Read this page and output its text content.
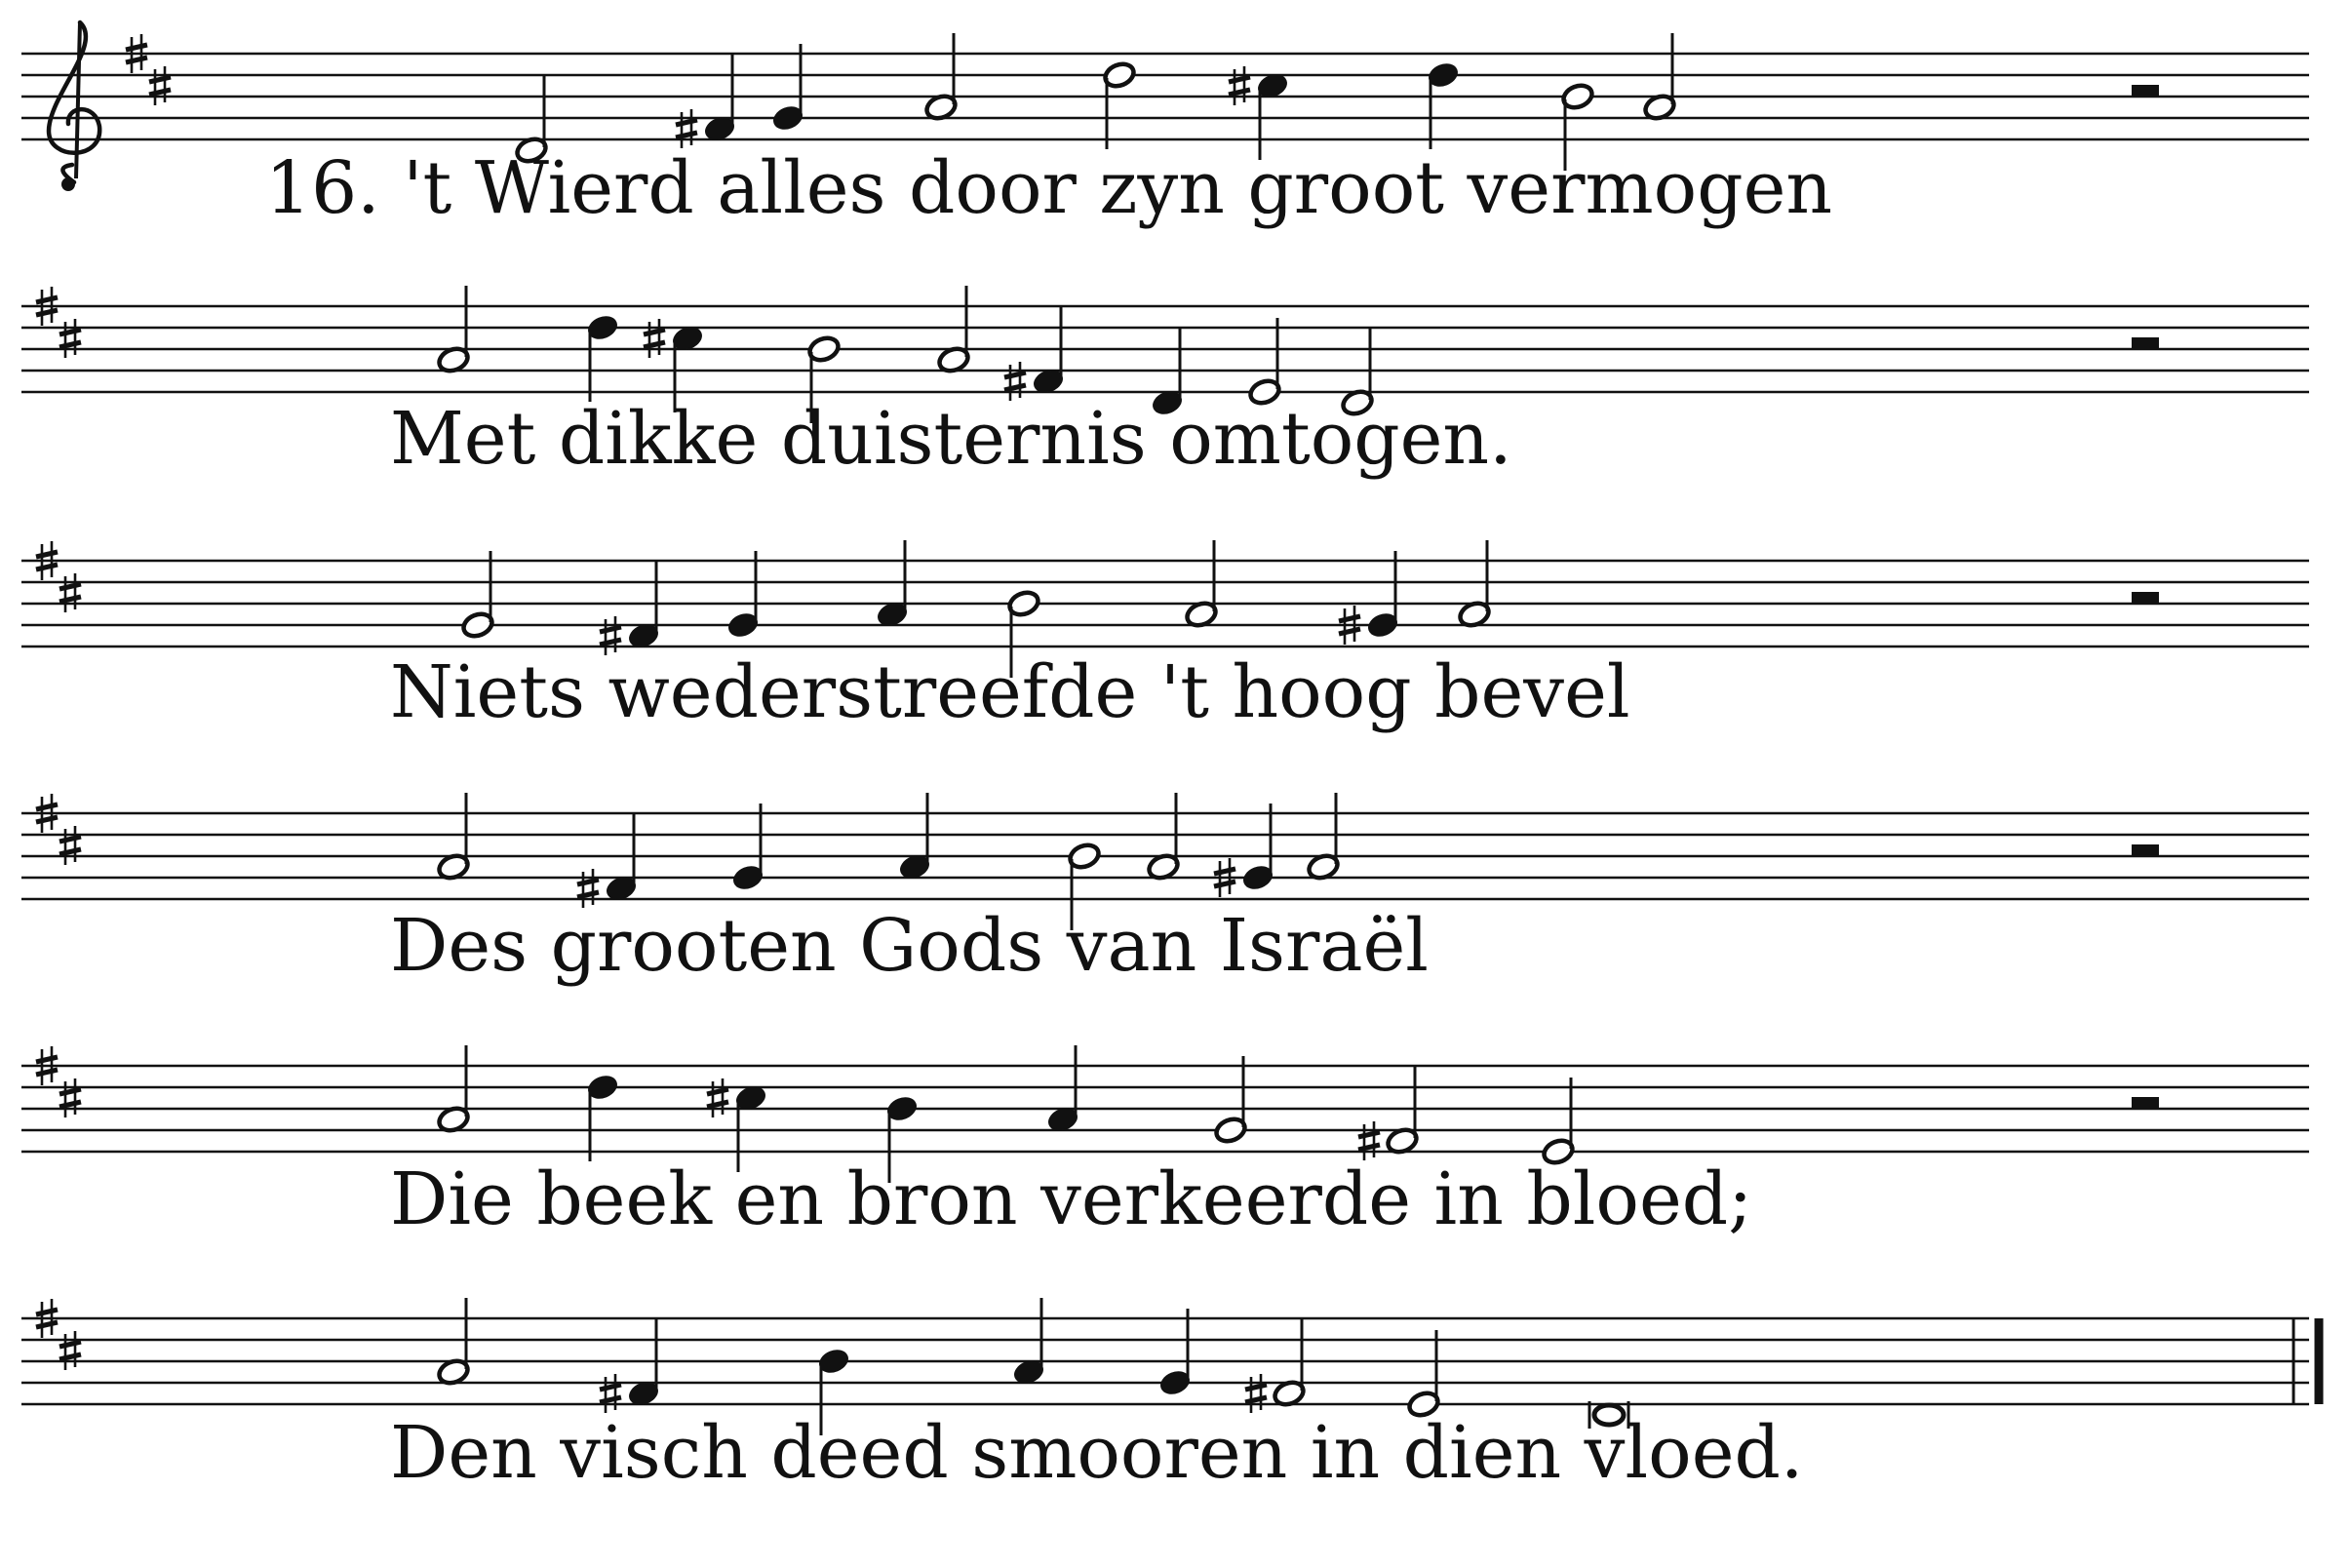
16. 't Wierd alles door zyn groot vermogen
Met dikke duisternis omtogen.
Niets wederstreefde 't hoog bevel
Des grooten Gods van Israël
Die beek en bron verkeerde in bloed;
Den visch deed smooren in dien vloed.
